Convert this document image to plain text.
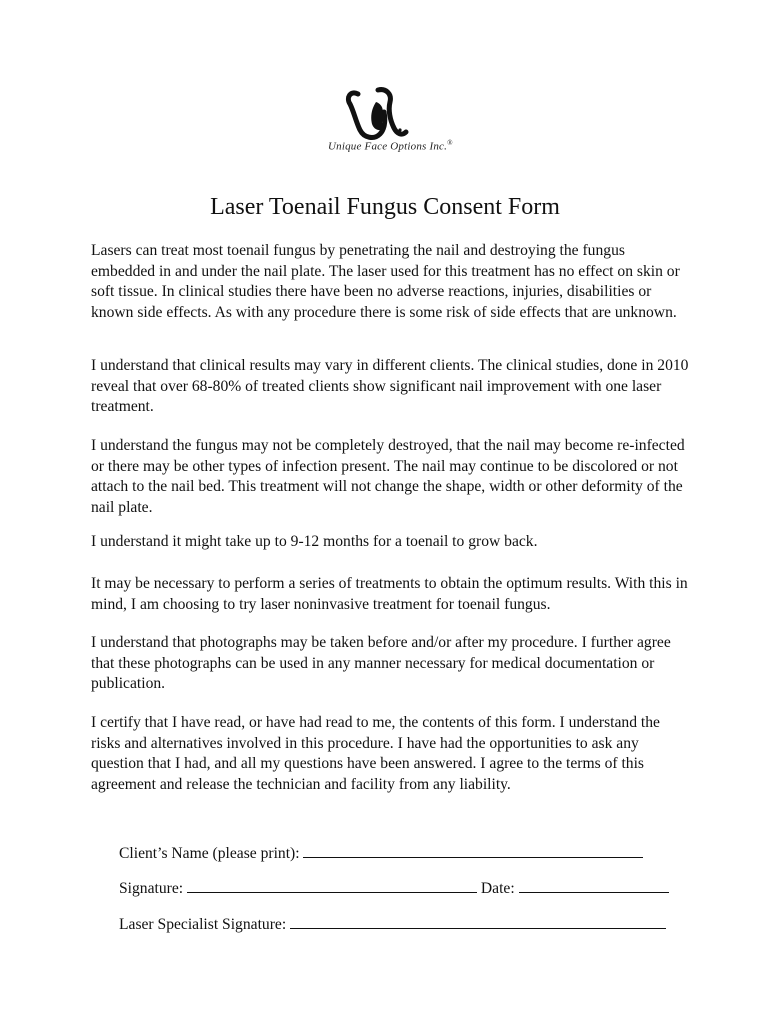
Unique Face Options Inc.®
Laser Toenail Fungus Consent Form

Lasers can treat most toenail fungus by penetrating the nail and destroying the fungus embedded in and under the nail plate. The laser used for this treatment has no effect on skin or soft tissue. In clinical studies there have been no adverse reactions, injuries, disabilities or known side effects. As with any procedure there is some risk of side effects that are unknown.

I understand that clinical results may vary in different clients. The clinical studies, done in 2010 reveal that over 68-80% of treated clients show significant nail improvement with one laser treatment.

I understand the fungus may not be completely destroyed, that the nail may become re-infected or there may be other types of infection present. The nail may continue to be discolored or not attach to the nail bed. This treatment will not change the shape, width or other deformity of the nail plate.

I understand it might take up to 9-12 months for a toenail to grow back.

It may be necessary to perform a series of treatments to obtain the optimum results. With this in mind, I am choosing to try laser noninvasive treatment for toenail fungus.

I understand that photographs may be taken before and/or after my procedure. I further agree that these photographs can be used in any manner necessary for medical documentation or publication.

I certify that I have read, or have had read to me, the contents of this form. I understand the risks and alternatives involved in this procedure. I have had the opportunities to ask any question that I had, and all my questions have been answered. I agree to the terms of this agreement and release the technician and facility from any liability.

Client’s Name (please print):
Signature:	Date:
Laser Specialist Signature:
